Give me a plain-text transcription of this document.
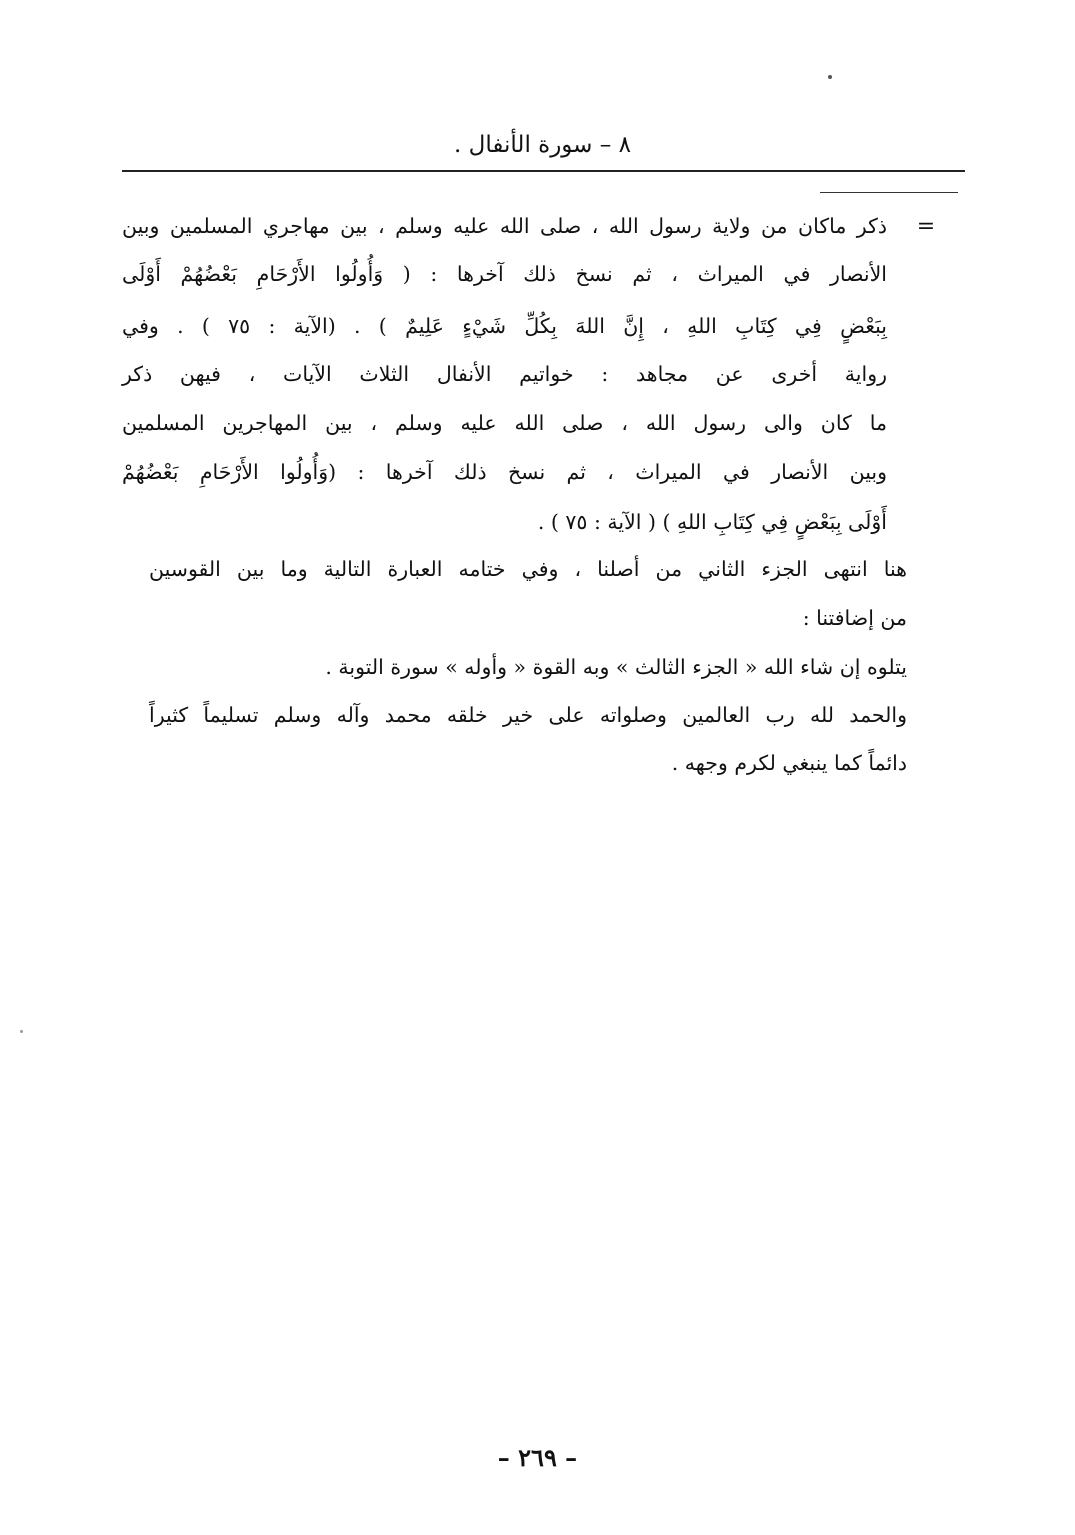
٨ – سورة الأنفال .
=
ذكر ماكان من ولاية رسول الله ، صلى الله عليه وسلم ، بين مهاجري المسلمين وبين
الأنصار في الميراث ، ثم نسخ ذلك آخرها : ( وَأُولُوا الأَرْحَامِ بَعْضُهُمْ أَوْلَى
بِبَعْضٍ فِي كِتَابِ اللهِ ، إِنَّ اللهَ بِكُلِّ شَيْءٍ عَلِيمٌ ) . (الآية : ٧٥ ) . وفي
رواية أخرى عن مجاهد : خواتيم الأنفال الثلاث الآيات ، فيهن ذكر
ما كان والى رسول الله ، صلى الله عليه وسلم ، بين المهاجرين المسلمين
وبين الأنصار في الميراث ، ثم نسخ ذلك آخرها : (وَأُولُوا الأَرْحَامِ بَعْضُهُمْ
أَوْلَى بِبَعْضٍ فِي كِتَابِ اللهِ ) ( الآية : ٧٥ ) .
هنا انتهى الجزء الثاني من أصلنا ، وفي ختامه العبارة التالية وما بين القوسين
من إضافتنا :
يتلوه إن شاء الله « الجزء الثالث » وبه القوة « وأوله » سورة التوبة .
والحمد لله رب العالمين وصلواته على خير خلقه محمد وآله وسلم تسليماً كثيراً
دائماً كما ينبغي لكرم وجهه .
– ٢٦٩ –
